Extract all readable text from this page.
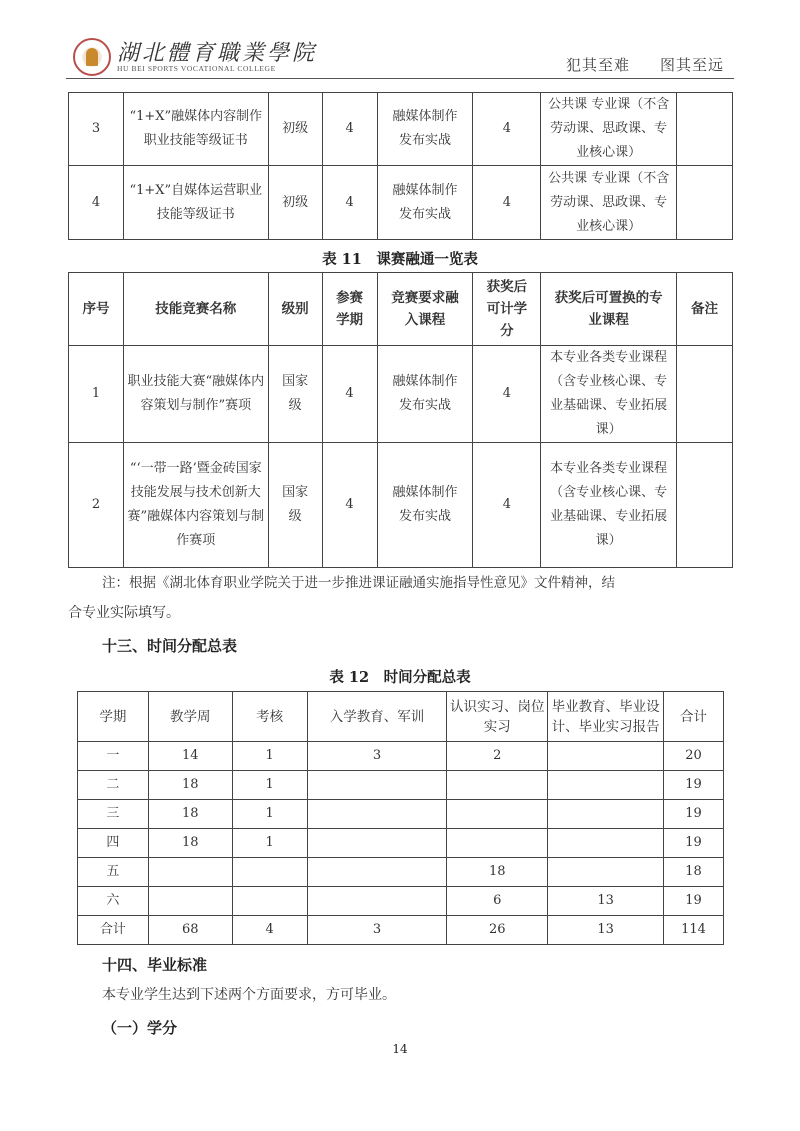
湖北體育職業學院
HU BEI SPORTS VOCATIONAL COLLEGE	犯其至难 图其至远
3	“1+X”融媒体内容制作职业技能等级证书	初级	4	融媒体制作发布实战	4	公共课 专业课（不含劳动课、思政课、专业核心课）	
4	“1+X”自媒体运营职业技能等级证书	初级	4	融媒体制作发布实战	4	公共课 专业课（不含劳动课、思政课、专业核心课）	
表 11　课赛融通一览表
序号	技能竞赛名称	级别	参赛学期	竞赛要求融入课程	获奖后可计学分	获奖后可置换的专业课程	备注
1	职业技能大赛“融媒体内容策划与制作”赛项	国家级	4	融媒体制作发布实战	4	本专业各类专业课程（含专业核心课、专业基础课、专业拓展课）	
2	“‘一带一路’暨金砖国家技能发展与技术创新大赛”融媒体内容策划与制作赛项	国家级	4	融媒体制作发布实战	4	本专业各类专业课程（含专业核心课、专业基础课、专业拓展课）	
注：根据《湖北体育职业学院关于进一步推进课证融通实施指导性意见》文件精神，结
合专业实际填写。
十三、时间分配总表
表 12　时间分配总表
学期	教学周	考核	入学教育、军训	认识实习、岗位实习	毕业教育、毕业设计、毕业实习报告	合计
一	14	1	3	2		20
二	18	1				19
三	18	1				19
四	18	1				19
五				18		18
六				6	13	19
合计	68	4	3	26	13	114
十四、毕业标准
本专业学生达到下述两个方面要求，方可毕业。
（一）学分
14
